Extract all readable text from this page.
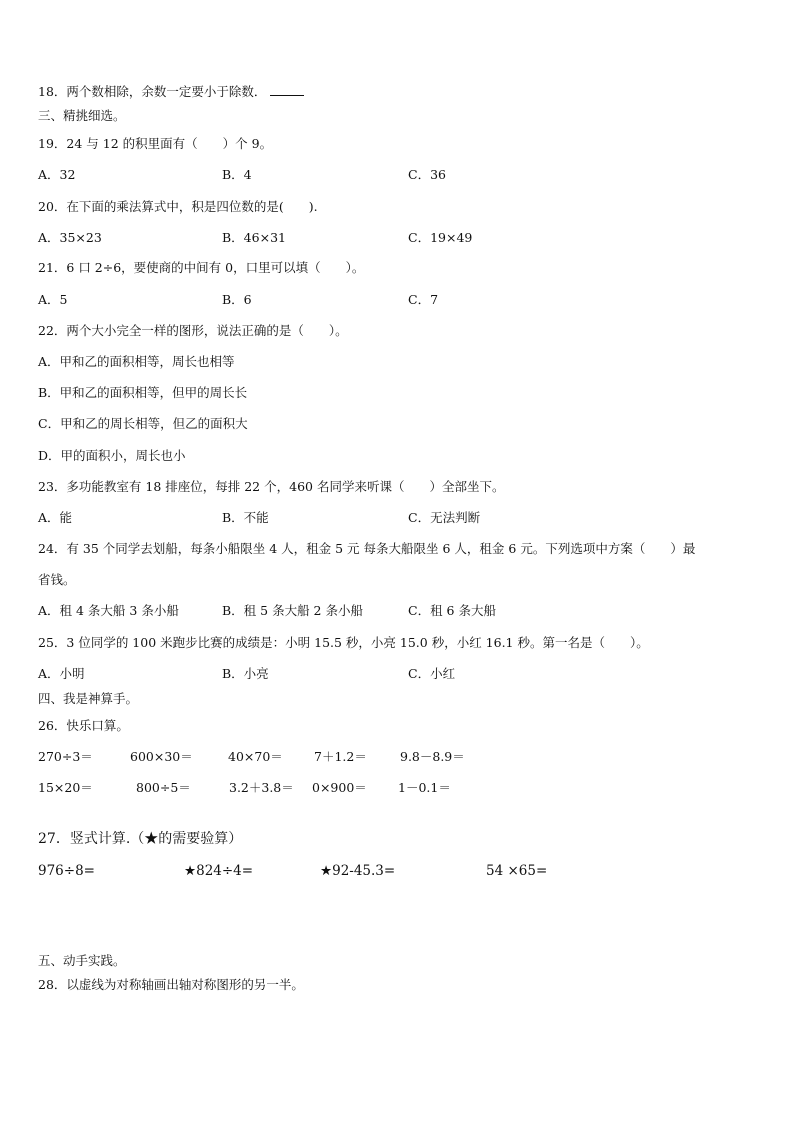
18．两个数相除，余数一定要小于除数．
三、精挑细选。
19．24 与 12 的积里面有（　　）个 9。
A．32	B．4	C．36
20．在下面的乘法算式中，积是四位数的是(　　).
A．35×23	B．46×31	C．19×49
21．6 口 2÷6，要使商的中间有 0，口里可以填（　　）。
A．5	B．6	C．7
22．两个大小完全一样的图形，说法正确的是（　　）。
A．甲和乙的面积相等，周长也相等
B．甲和乙的面积相等，但甲的周长长
C．甲和乙的周长相等，但乙的面积大
D．甲的面积小，周长也小
23．多功能教室有 18 排座位，每排 22 个，460 名同学来听课（　　）全部坐下。
A．能	B．不能	C．无法判断
24．有 35 个同学去划船，每条小船限坐 4 人，租金 5 元 每条大船限坐 6 人，租金 6 元。下列选项中方案（　　）最
省钱。
A．租 4 条大船 3 条小船	B．租 5 条大船 2 条小船	C．租 6 条大船
25．3 位同学的 100 米跑步比赛的成绩是：小明 15.5 秒，小亮 15.0 秒，小红 16.1 秒。第一名是（　　）。
A．小明	B．小亮	C．小红
四、我是神算手。
26．快乐口算。
270÷3＝	600×30＝	40×70＝ 7＋1.2＝	9.8－8.9＝
15×20＝	800÷5＝	3.2＋3.8＝ 0×900＝ 1－0.1＝
27．竖式计算.（★的需要验算）
976÷8=	★824÷4=	★92-45.3=	54 ×65=
五、动手实践。
28．以虚线为对称轴画出轴对称图形的另一半。
